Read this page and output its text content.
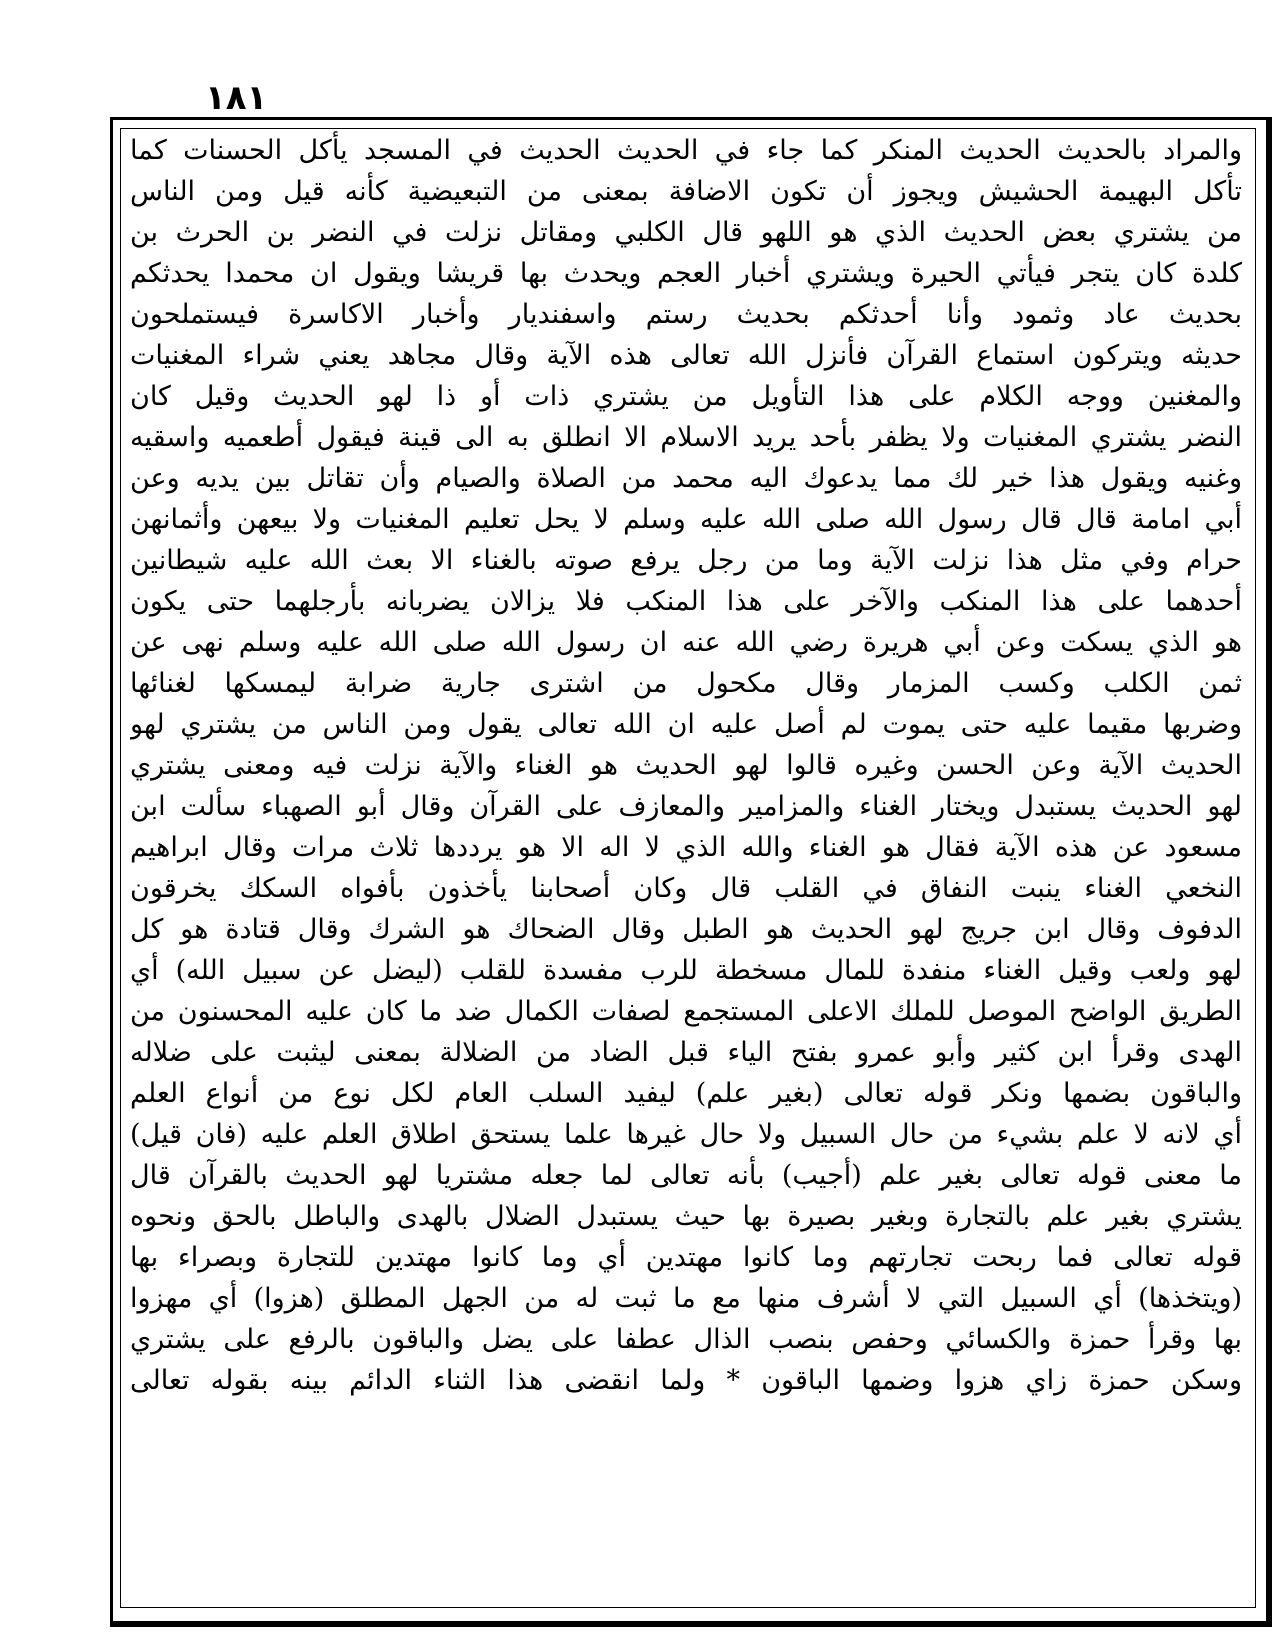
١٨١
والمراد بالحديث الحديث المنكر كما جاء في الحديث الحديث في المسجد يأكل الحسنات كما
تأكل البهيمة الحشيش ويجوز أن تكون الاضافة بمعنى من التبعيضية كأنه قيل ومن الناس
من يشتري بعض الحديث الذي هو اللهو قال الكلبي ومقاتل نزلت في النضر بن الحرث بن
كلدة كان يتجر فيأتي الحيرة ويشتري أخبار العجم ويحدث بها قريشا ويقول ان محمدا يحدثكم
بحديث عاد وثمود وأنا أحدثكم بحديث رستم واسفنديار وأخبار الاكاسرة فيستملحون
حديثه ويتركون استماع القرآن فأنزل الله تعالى هذه الآية وقال مجاهد يعني شراء المغنيات
والمغنين ووجه الكلام على هذا التأويل من يشتري ذات أو ذا لهو الحديث وقيل كان
النضر يشتري المغنيات ولا يظفر بأحد يريد الاسلام الا انطلق به الى قينة فيقول أطعميه واسقيه
وغنيه ويقول هذا خير لك مما يدعوك اليه محمد من الصلاة والصيام وأن تقاتل بين يديه وعن
أبي امامة قال قال رسول الله صلى الله عليه وسلم لا يحل تعليم المغنيات ولا بيعهن وأثمانهن
حرام وفي مثل هذا نزلت الآية وما من رجل يرفع صوته بالغناء الا بعث الله عليه شيطانين
أحدهما على هذا المنكب والآخر على هذا المنكب فلا يزالان يضربانه بأرجلهما حتى يكون
هو الذي يسكت وعن أبي هريرة رضي الله عنه ان رسول الله صلى الله عليه وسلم نهى عن
ثمن الكلب وكسب المزمار وقال مكحول من اشترى جارية ضرابة ليمسكها لغنائها
وضربها مقيما عليه حتى يموت لم أصل عليه ان الله تعالى يقول ومن الناس من يشتري لهو
الحديث الآية وعن الحسن وغيره قالوا لهو الحديث هو الغناء والآية نزلت فيه ومعنى يشتري
لهو الحديث يستبدل ويختار الغناء والمزامير والمعازف على القرآن وقال أبو الصهباء سألت ابن
مسعود عن هذه الآية فقال هو الغناء والله الذي لا اله الا هو يرددها ثلاث مرات وقال ابراهيم
النخعي الغناء ينبت النفاق في القلب قال وكان أصحابنا يأخذون بأفواه السكك يخرقون
الدفوف وقال ابن جريج لهو الحديث هو الطبل وقال الضحاك هو الشرك وقال قتادة هو كل
لهو ولعب وقيل الغناء منفدة للمال مسخطة للرب مفسدة للقلب (ليضل عن سبيل الله) أي
الطريق الواضح الموصل للملك الاعلى المستجمع لصفات الكمال ضد ما كان عليه المحسنون من
الهدى وقرأ ابن كثير وأبو عمرو بفتح الياء قبل الضاد من الضلالة بمعنى ليثبت على ضلاله
والباقون بضمها ونكر قوله تعالى (بغير علم) ليفيد السلب العام لكل نوع من أنواع العلم
أي لانه لا علم بشيء من حال السبيل ولا حال غيرها علما يستحق اطلاق العلم عليه (فان قيل)
ما معنى قوله تعالى بغير علم (أجيب) بأنه تعالى لما جعله مشتريا لهو الحديث بالقرآن قال
يشتري بغير علم بالتجارة وبغير بصيرة بها حيث يستبدل الضلال بالهدى والباطل بالحق ونحوه
قوله تعالى فما ربحت تجارتهم وما كانوا مهتدين أي وما كانوا مهتدين للتجارة وبصراء بها
(ويتخذها) أي السبيل التي لا أشرف منها مع ما ثبت له من الجهل المطلق (هزوا) أي مهزوا
بها وقرأ حمزة والكسائي وحفص بنصب الذال عطفا على يضل والباقون بالرفع على يشتري
وسكن حمزة زاي هزوا وضمها الباقون * ولما انقضى هذا الثناء الدائم بينه بقوله تعالى
